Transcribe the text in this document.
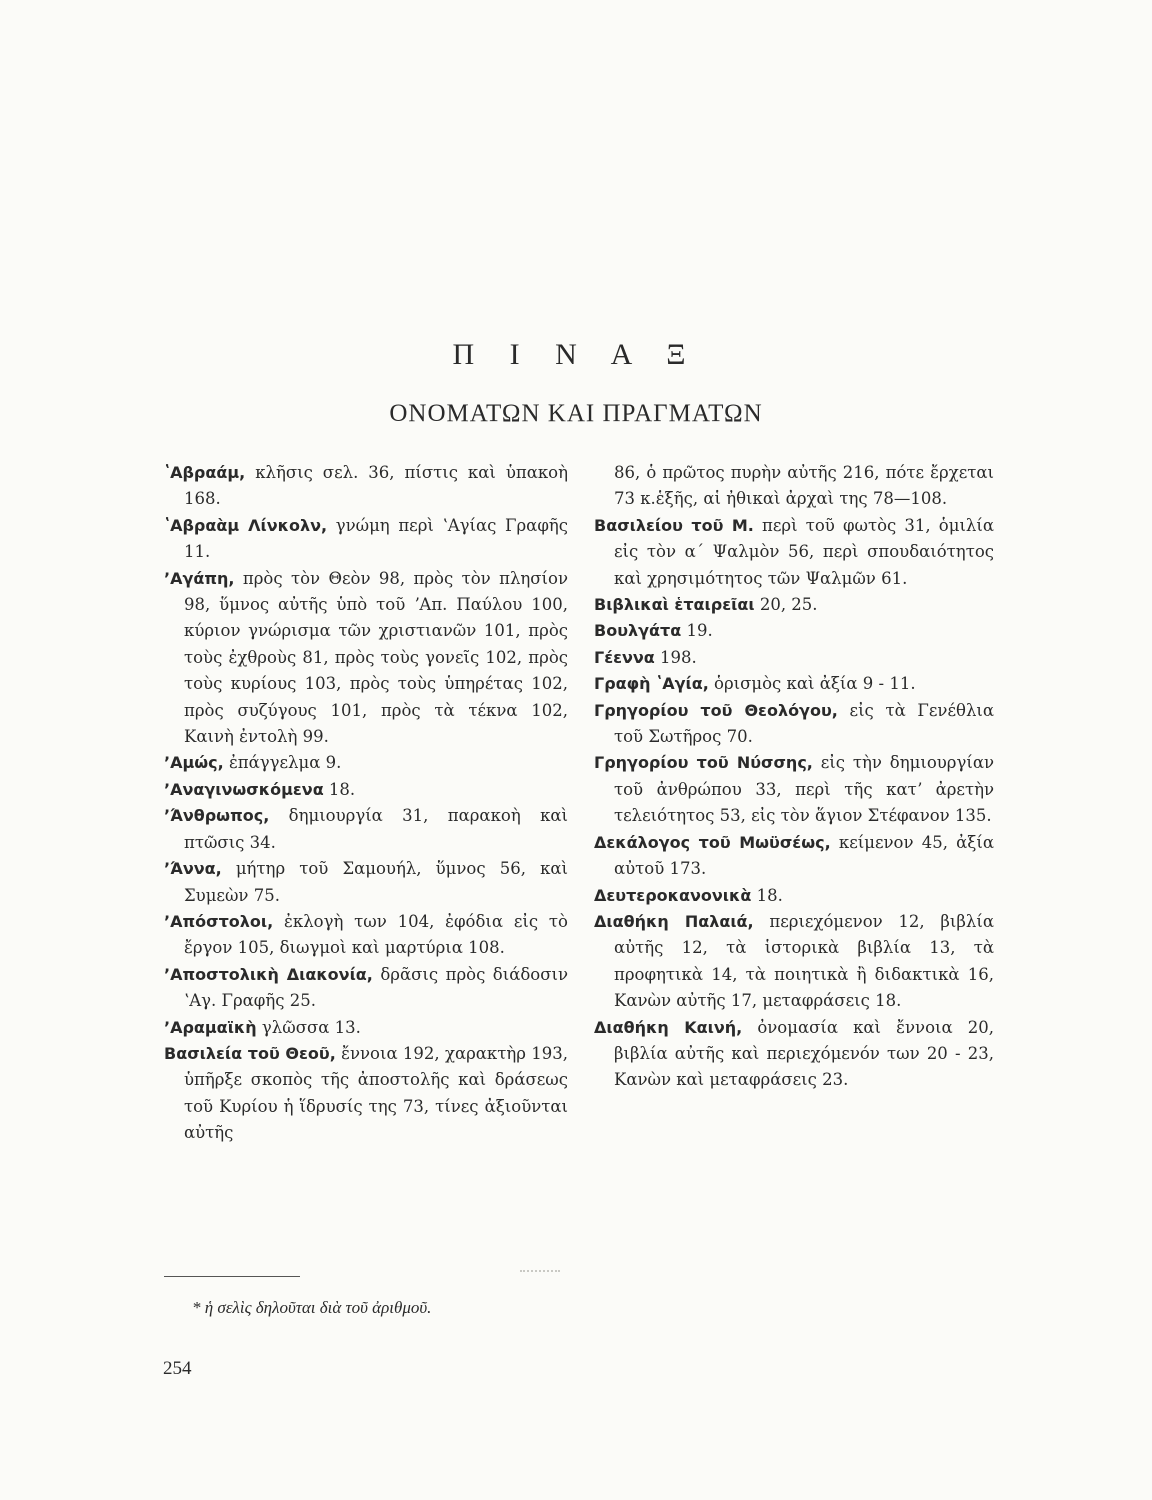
Π Ι Ν Α Ξ
ΟΝΟΜΑΤΩΝ ΚΑΙ ΠΡΑΓΜΑΤΩΝ
ʽΑβραάμ, κλῆσις σελ. 36, πίστις καὶ ὑπακοὴ 168.
ʽΑβραὰμ Λίνκολν, γνώμη περὶ ʽΑγίας Γραφῆς 11.
ʼΑγάπη, πρὸς τὸν Θεὸν 98, πρὸς τὸν πλησίον 98, ὕμνος αὐτῆς ὑπὸ τοῦ ʼΑπ. Παύλου 100, κύριον γνώρισμα τῶν χριστιανῶν 101, πρὸς τοὺς ἐχθροὺς 81, πρὸς τοὺς γονεῖς 102, πρὸς τοὺς κυρίους 103, πρὸς τοὺς ὑπηρέτας 102, πρὸς συζύγους 101, πρὸς τὰ τέκνα 102, Καινὴ ἐντολὴ 99.
ʼΑμώς, ἐπάγγελμα 9.
ʼΑναγινωσκόμενα 18.
ʼΆνθρωπος, δημιουργία 31, παρακοὴ καὶ πτῶσις 34.
ʼΆννα, μήτηρ τοῦ Σαμουήλ, ὕμνος 56, καὶ Συμεὼν 75.
ʼΑπόστολοι, ἐκλογὴ των 104, ἐφόδια εἰς τὸ ἔργον 105, διωγμοὶ καὶ μαρτύρια 108.
ʼΑποστολικὴ Διακονία, δρᾶσις πρὸς διάδοσιν ʽΑγ. Γραφῆς 25.
ʼΑραμαϊκὴ γλῶσσα 13.
Βασιλεία τοῦ Θεοῦ, ἔννοια 192, χαρακτὴρ 193, ὑπῆρξε σκοπὸς τῆς ἀποστολῆς καὶ δράσεως τοῦ Κυρίου ἡ ἵδρυσίς της 73, τίνες ἀξιοῦνται αὐτῆς
86, ὁ πρῶτος πυρὴν αὐτῆς 216, πότε ἔρχεται 73 κ.ἑξῆς, αἱ ἠθικαὶ ἀρχαὶ της 78—108.
Βασιλείου τοῦ Μ. περὶ τοῦ φωτὸς 31, ὁμιλία εἰς τὸν α΄ Ψαλμὸν 56, περὶ σπουδαιότητος καὶ χρησιμότητος τῶν Ψαλμῶν 61.
Βιβλικαὶ ἑταιρεῖαι 20, 25.
Βουλγάτα 19.
Γέεννα 198.
Γραφὴ ʽΑγία, ὁρισμὸς καὶ ἀξία 9 - 11.
Γρηγορίου τοῦ Θεολόγου, εἰς τὰ Γενέθλια τοῦ Σωτῆρος 70.
Γρηγορίου τοῦ Νύσσης, εἰς τὴν δημιουργίαν τοῦ ἀνθρώπου 33, περὶ τῆς κατʼ ἀρετὴν τελειότητος 53, εἰς τὸν ἅγιον Στέφανον 135.
Δεκάλογος τοῦ Μωϋσέως, κείμενον 45, ἀξία αὐτοῦ 173.
Δευτεροκανονικὰ 18.
Διαθήκη Παλαιά, περιεχόμενον 12, βιβλία αὐτῆς 12, τὰ ἱστορικὰ βιβλία 13, τὰ προφητικὰ 14, τὰ ποιητικὰ ἢ διδακτικὰ 16, Κανὼν αὐτῆς 17, μεταφράσεις 18.
Διαθήκη Καινή, ὀνομασία καὶ ἔννοια 20, βιβλία αὐτῆς καὶ περιεχόμενόν των 20 - 23, Κανὼν καὶ μεταφράσεις 23.
* ἡ σελὶς δηλοῦται διὰ τοῦ ἀριθμοῦ.
254
